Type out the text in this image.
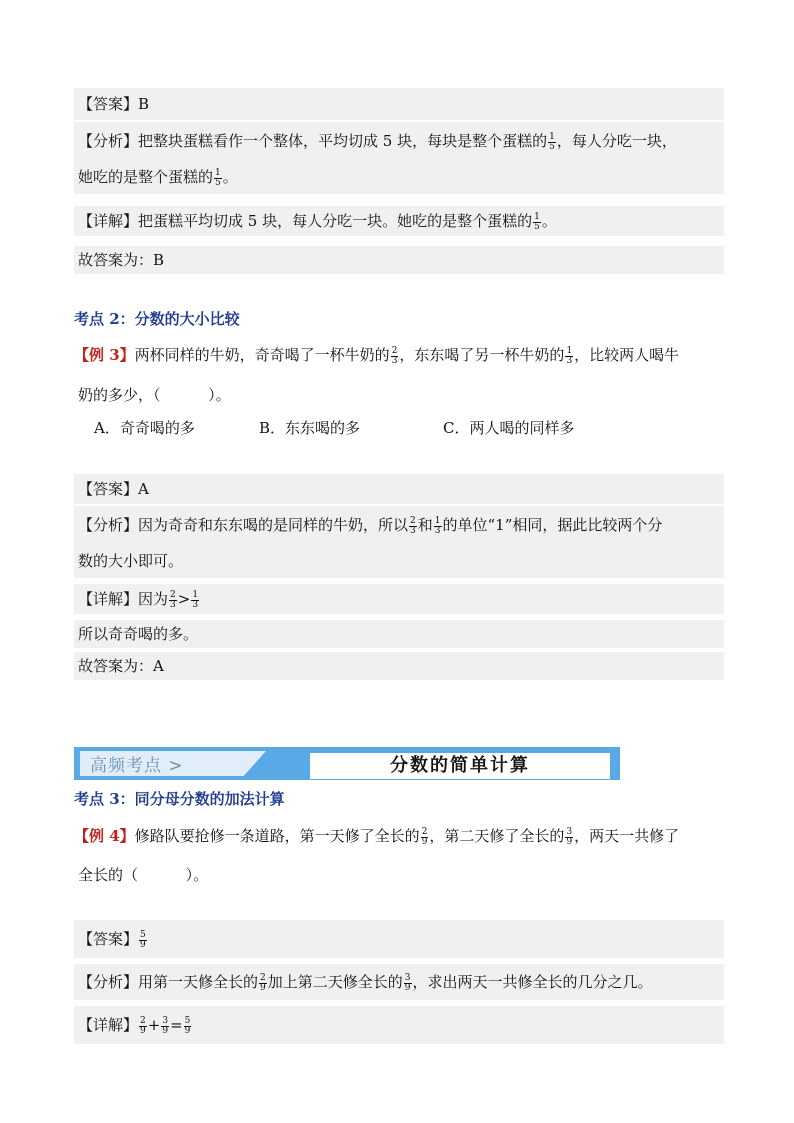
【答案】B
【分析】把整块蛋糕看作一个整体，平均切成 5 块，每块是整个蛋糕的 $\frac{1}{5}$ ，每人分吃一块，
她吃的是整个蛋糕的 $\frac{1}{5}$ 。
【详解】把蛋糕平均切成 5 块，每人分吃一块。她吃的是整个蛋糕的 $\frac{1}{5}$ 。
故答案为：B
考点 2：分数的大小比较
【例 3】两杯同样的牛奶，奇奇喝了一杯牛奶的 $\frac{2}{3}$ ，东东喝了另一杯牛奶的 $\frac{1}{3}$ ，比较两人喝牛
奶的多少，（          ）。
A．奇奇喝的多	B．东东喝的多	C．两人喝的同样多
【答案】A
【分析】因为奇奇和东东喝的是同样的牛奶，所以 $\frac{2}{3}$ 和 $\frac{1}{3}$ 的单位“1”相同，据此比较两个分
数的大小即可。
【详解】因为 $\frac{2}{3} > \frac{1}{3}$
所以奇奇喝的多。
故答案为：A
高频考点 >	分数的简单计算
考点 3：同分母分数的加法计算
【例 4】修路队要抢修一条道路，第一天修了全长的 $\frac{2}{9}$ ，第二天修了全长的 $\frac{3}{9}$ ，两天一共修了
全长的（          ）。
【答案】 $\frac{5}{9}$
【分析】用第一天修全长的 $\frac{2}{9}$ 加上第二天修全长的 $\frac{3}{9}$ ，求出两天一共修全长的几分之几。
【详解】 $\frac{2}{9} + \frac{3}{9} = \frac{5}{9}$
